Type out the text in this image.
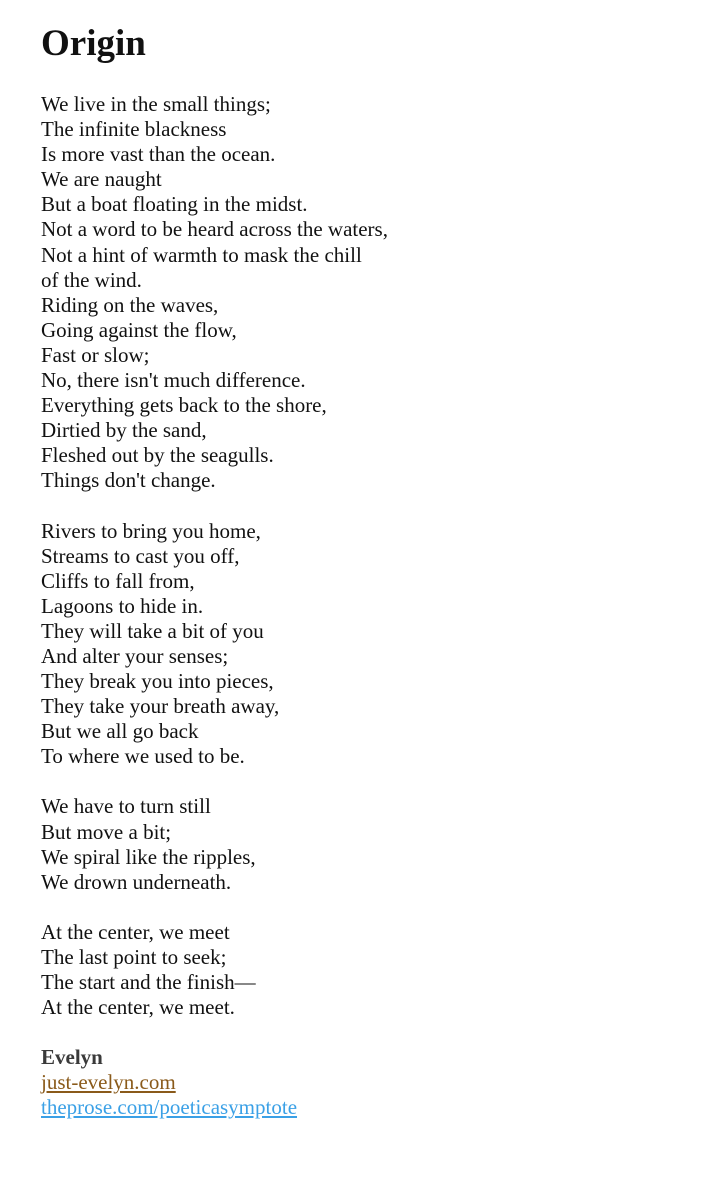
Origin
We live in the small things;
The infinite blackness
Is more vast than the ocean.
We are naught
But a boat floating in the midst.
Not a word to be heard across the waters,
Not a hint of warmth to mask the chill
of the wind.
Riding on the waves,
Going against the flow,
Fast or slow;
No, there isn't much difference.
Everything gets back to the shore,
Dirtied by the sand,
Fleshed out by the seagulls.
Things don't change.
Rivers to bring you home,
Streams to cast you off,
Cliffs to fall from,
Lagoons to hide in.
They will take a bit of you
And alter your senses;
They break you into pieces,
They take your breath away,
But we all go back
To where we used to be.
We have to turn still
But move a bit;
We spiral like the ripples,
We drown underneath.
At the center, we meet
The last point to seek;
The start and the finish—
At the center, we meet.
Evelyn
just-evelyn.com
theprose.com/poeticasymptote
